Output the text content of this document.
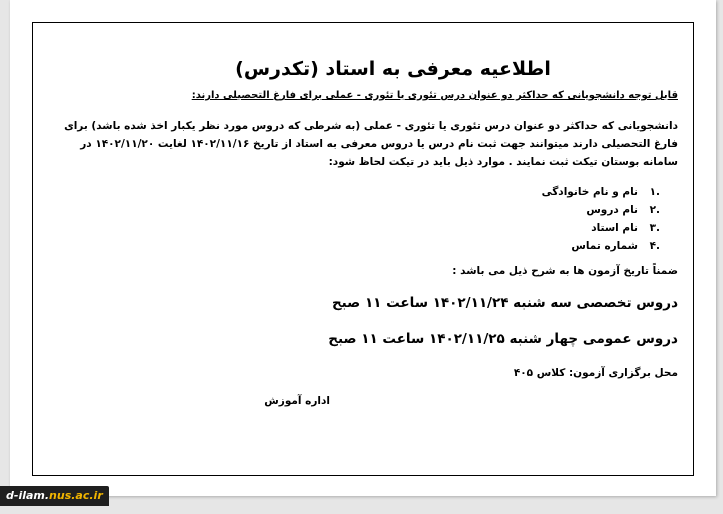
اطلاعیه معرفی به استاد (تکدرس)
قابل توجه دانشجویانی که حداکثر دو عنوان درس تئوری یا تئوری - عملی برای فارغ التحصیلی دارند:
دانشجویانی که حداکثر دو عنوان درس تئوری یا تئوری - عملی (به شرطی که دروس مورد نظر یکبار اخذ شده باشد) برای فارغ التحصیلی دارند میتوانند جهت ثبت نام درس یا دروس معرفی به استاد از تاریخ ۱۴۰۲/۱۱/۱۶ لغایت ۱۴۰۲/۱۱/۲۰ در سامانه بوستان تیکت ثبت نمایند . موارد ذیل باید در تیکت لحاظ شود:
.۱
نام و نام خانوادگی
.۲
نام دروس
.۳
نام استاد
.۴
شماره تماس
ضمناً تاریخ آزمون ها به شرح ذیل می باشد :
دروس تخصصی سه شنبه ۱۴۰۲/۱۱/۲۴ ساعت ۱۱ صبح
دروس عمومی چهار شنبه ۱۴۰۲/۱۱/۲۵ ساعت ۱۱ صبح
محل برگزاری آزمون: کلاس ۴۰۵
اداره آموزش
d-ilam.nus.ac.ir
